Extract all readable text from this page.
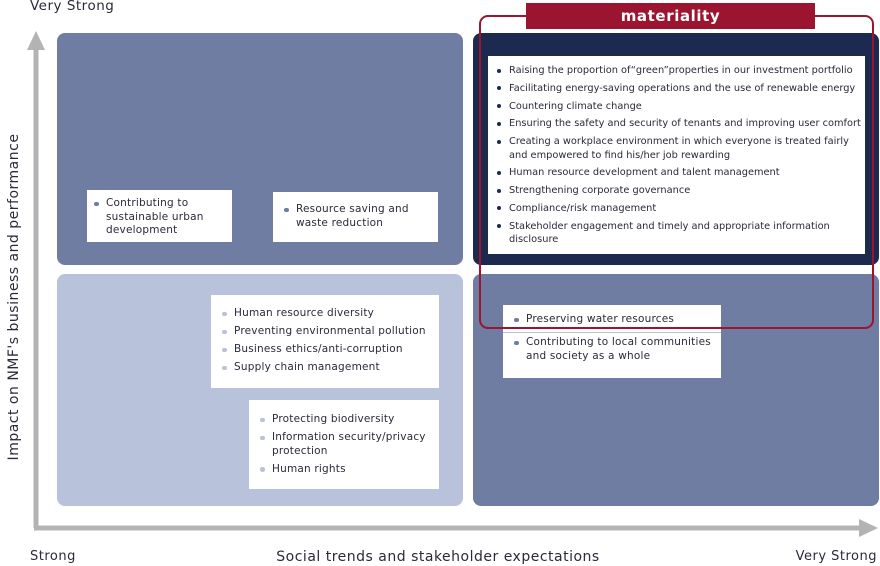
Very Strong
Impact on NMF's business and performance
Strong	Social trends and stakeholder expectations	Very Strong
Contributing to sustainable urban development
Resource saving and waste reduction
Raising the proportion of“green”properties in our investment portfolio
Facilitating energy-saving operations and the use of renewable energy
Countering climate change
Ensuring the safety and security of tenants and improving user comfort
Creating a workplace environment in which everyone is treated fairly and empowered to find his/her job rewarding
Human resource development and talent management
Strengthening corporate governance
Compliance/risk management
Stakeholder engagement and timely and appropriate information disclosure
Human resource diversity
Preventing environmental pollution
Business ethics/anti-corruption
Supply chain management
Protecting biodiversity
Information security/privacy protection
Human rights
Preserving water resources
Contributing to local communities and society as a whole
materiality
